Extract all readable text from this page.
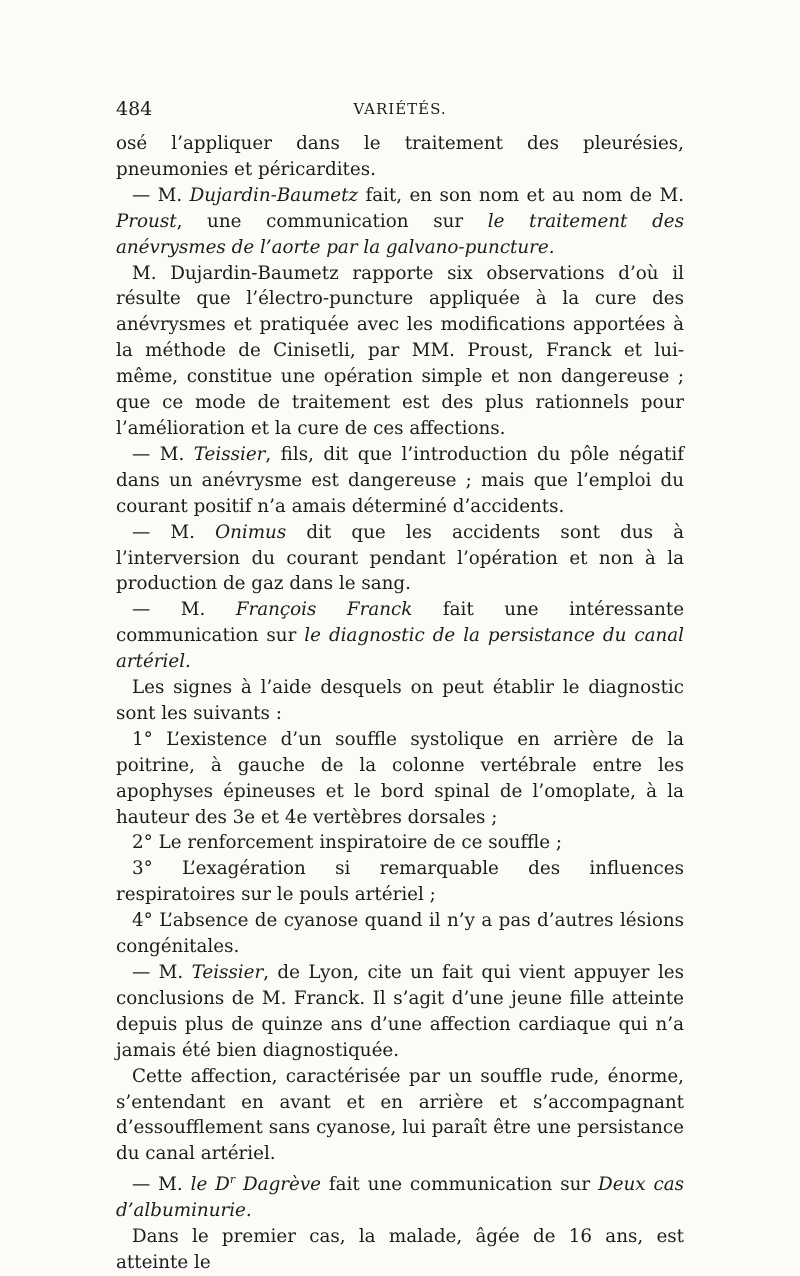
484	VARIÉTÉS.

osé l’appliquer dans le traitement des pleurésies, pneumonies et péricardites.

— M. Dujardin-Baumetz fait, en son nom et au nom de M. Proust, une communication sur le traitement des anévrysmes de l’aorte par la galvano-puncture.

M. Dujardin-Baumetz rapporte six observations d’où il résulte que l’électro-puncture appliquée à la cure des anévrysmes et pratiquée avec les modifications apportées à la méthode de Cinisetli, par MM. Proust, Franck et lui-même, constitue une opération simple et non dangereuse ; que ce mode de traitement est des plus rationnels pour l’amélioration et la cure de ces affections.

— M. Teissier, fils, dit que l’introduction du pôle négatif dans un anévrysme est dangereuse ; mais que l’emploi du courant positif n’a amais déterminé d’accidents.

— M. Onimus dit que les accidents sont dus à l’interversion du courant pendant l’opération et non à la production de gaz dans le sang.

— M. François Franck fait une intéressante communication sur le diagnostic de la persistance du canal artériel.

Les signes à l’aide desquels on peut établir le diagnostic sont les suivants :

1° L’existence d’un souffle systolique en arrière de la poitrine, à gauche de la colonne vertébrale entre les apophyses épineuses et le bord spinal de l’omoplate, à la hauteur des 3e et 4e vertèbres dorsales ;

2° Le renforcement inspiratoire de ce souffle ;

3° L’exagération si remarquable des influences respiratoires sur le pouls artériel ;

4° L’absence de cyanose quand il n’y a pas d’autres lésions congénitales.

— M. Teissier, de Lyon, cite un fait qui vient appuyer les conclusions de M. Franck. Il s’agit d’une jeune fille atteinte depuis plus de quinze ans d’une affection cardiaque qui n’a jamais été bien diagnostiquée.

Cette affection, caractérisée par un souffle rude, énorme, s’entendant en avant et en arrière et s’accompagnant d’essoufflement sans cyanose, lui paraît être une persistance du canal artériel.

— M. le $D^r$ Dagrève fait une communication sur Deux cas d’albuminurie.

Dans le premier cas, la malade, âgée de 16 ans, est atteinte le
